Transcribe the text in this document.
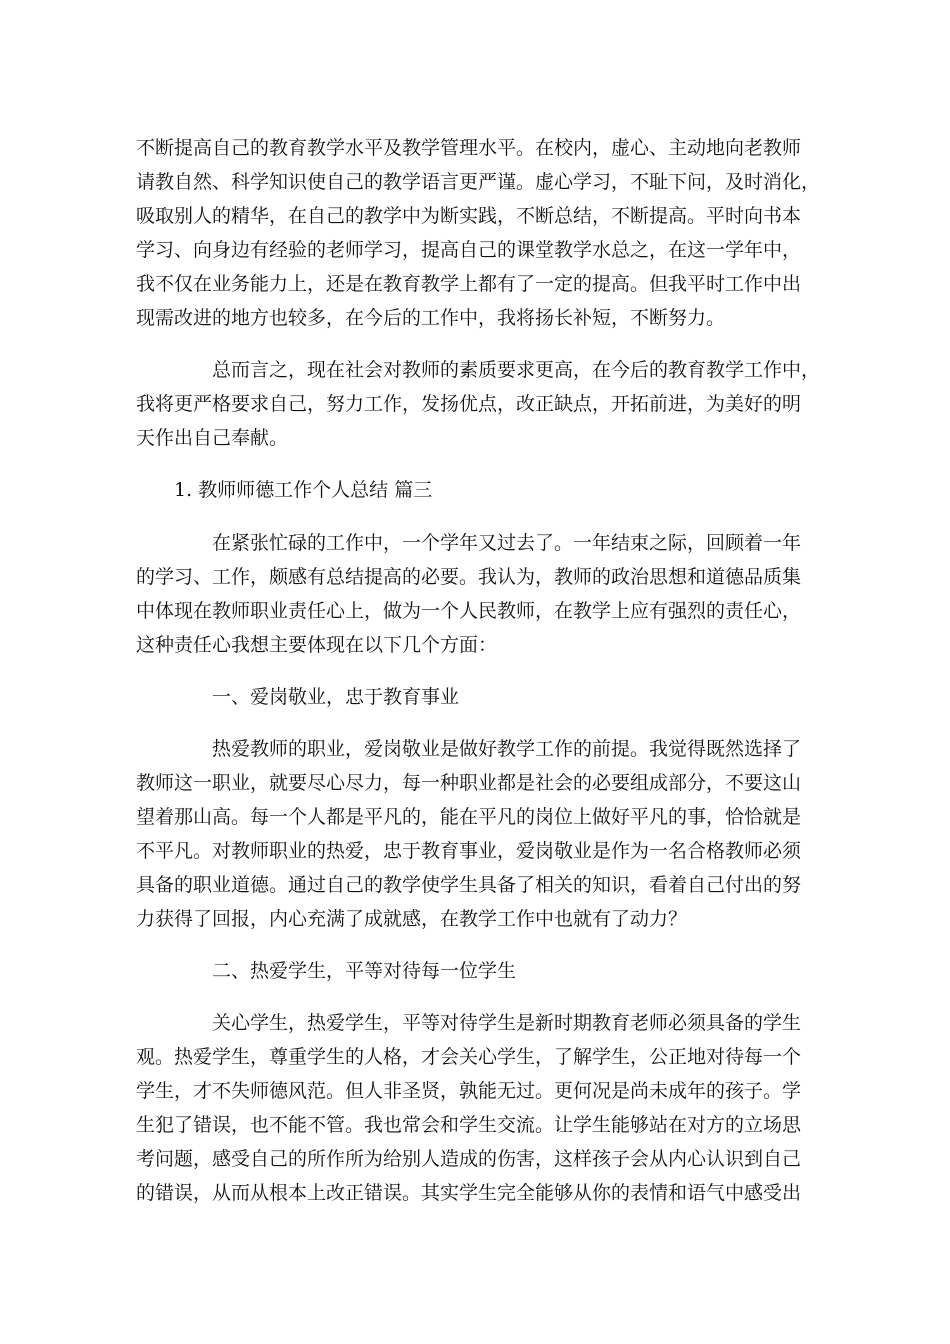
不断提高自己的教育教学水平及教学管理水平。在校内，虚心、主动地向老教师
请教自然、科学知识使自己的教学语言更严谨。虚心学习，不耻下问，及时消化，
吸取别人的精华，在自己的教学中为断实践，不断总结，不断提高。平时向书本
学习、向身边有经验的老师学习，提高自己的课堂教学水总之，在这一学年中，
我不仅在业务能力上，还是在教育教学上都有了一定的提高。但我平时工作中出
现需改进的地方也较多，在今后的工作中，我将扬长补短，不断努力。
总而言之，现在社会对教师的素质要求更高，在今后的教育教学工作中，
我将更严格要求自己，努力工作，发扬优点，改正缺点，开拓前进，为美好的明
天作出自己奉献。
1. 教师师德工作个人总结 篇三
在紧张忙碌的工作中，一个学年又过去了。一年结束之际，回顾着一年
的学习、工作，颇感有总结提高的必要。我认为，教师的政治思想和道德品质集
中体现在教师职业责任心上，做为一个人民教师，在教学上应有强烈的责任心，
这种责任心我想主要体现在以下几个方面：
一、爱岗敬业，忠于教育事业
热爱教师的职业，爱岗敬业是做好教学工作的前提。我觉得既然选择了
教师这一职业，就要尽心尽力，每一种职业都是社会的必要组成部分，不要这山
望着那山高。每一个人都是平凡的，能在平凡的岗位上做好平凡的事，恰恰就是
不平凡。对教师职业的热爱，忠于教育事业，爱岗敬业是作为一名合格教师必须
具备的职业道德。通过自己的教学使学生具备了相关的知识，看着自己付出的努
力获得了回报，内心充满了成就感，在教学工作中也就有了动力？
二、热爱学生，平等对待每一位学生
关心学生，热爱学生，平等对待学生是新时期教育老师必须具备的学生
观。热爱学生，尊重学生的人格，才会关心学生，了解学生，公正地对待每一个
学生，才不失师德风范。但人非圣贤，孰能无过。更何况是尚未成年的孩子。学
生犯了错误，也不能不管。我也常会和学生交流。让学生能够站在对方的立场思
考问题，感受自己的所作所为给别人造成的伤害，这样孩子会从内心认识到自己
的错误，从而从根本上改正错误。其实学生完全能够从你的表情和语气中感受出
